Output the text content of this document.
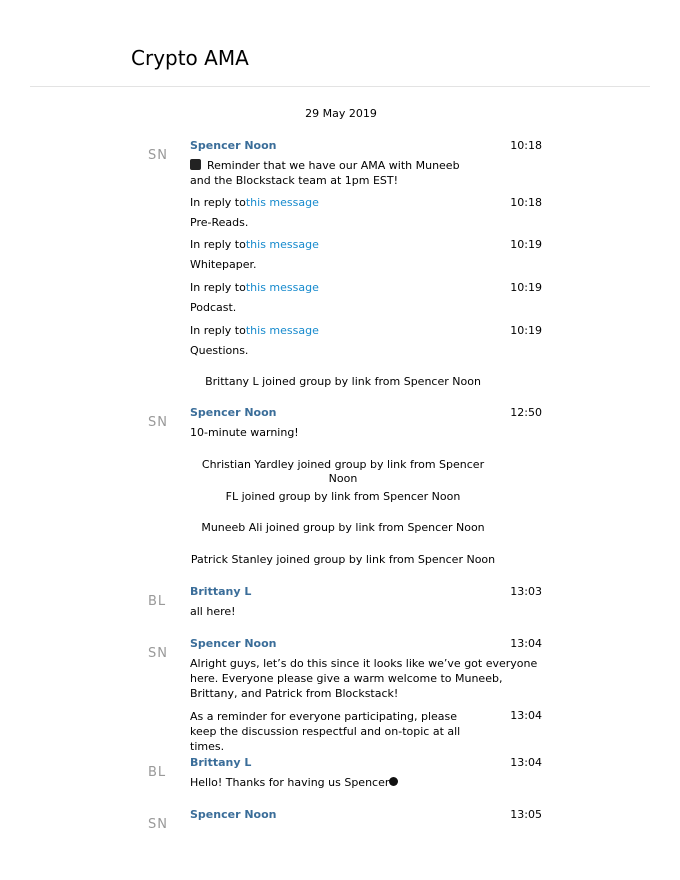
Crypto AMA
29 May 2019
SN
Spencer Noon	10:18
Reminder that we have our AMA with Muneeb and the Blockstack team at 1pm EST!
In reply tothis message	10:18
Pre-Reads.
In reply tothis message	10:19
Whitepaper.
In reply tothis message	10:19
Podcast.
In reply tothis message	10:19
Questions.
Brittany L joined group by link from Spencer Noon
SN
Spencer Noon	12:50
10-minute warning!
Christian Yardley joined group by link from Spencer Noon
FL joined group by link from Spencer Noon
Muneeb Ali joined group by link from Spencer Noon
Patrick Stanley joined group by link from Spencer Noon
BL
Brittany L	13:03
all here!
SN
Spencer Noon	13:04
Alright guys, let’s do this since it looks like we’ve got everyone here. Everyone please give a warm welcome to Muneeb, Brittany, and Patrick from Blockstack!
13:04
As a reminder for everyone participating, please keep the discussion respectful and on-topic at all times.
BL
Brittany L	13:04
Hello! Thanks for having us Spencer
SN
Spencer Noon	13:05
